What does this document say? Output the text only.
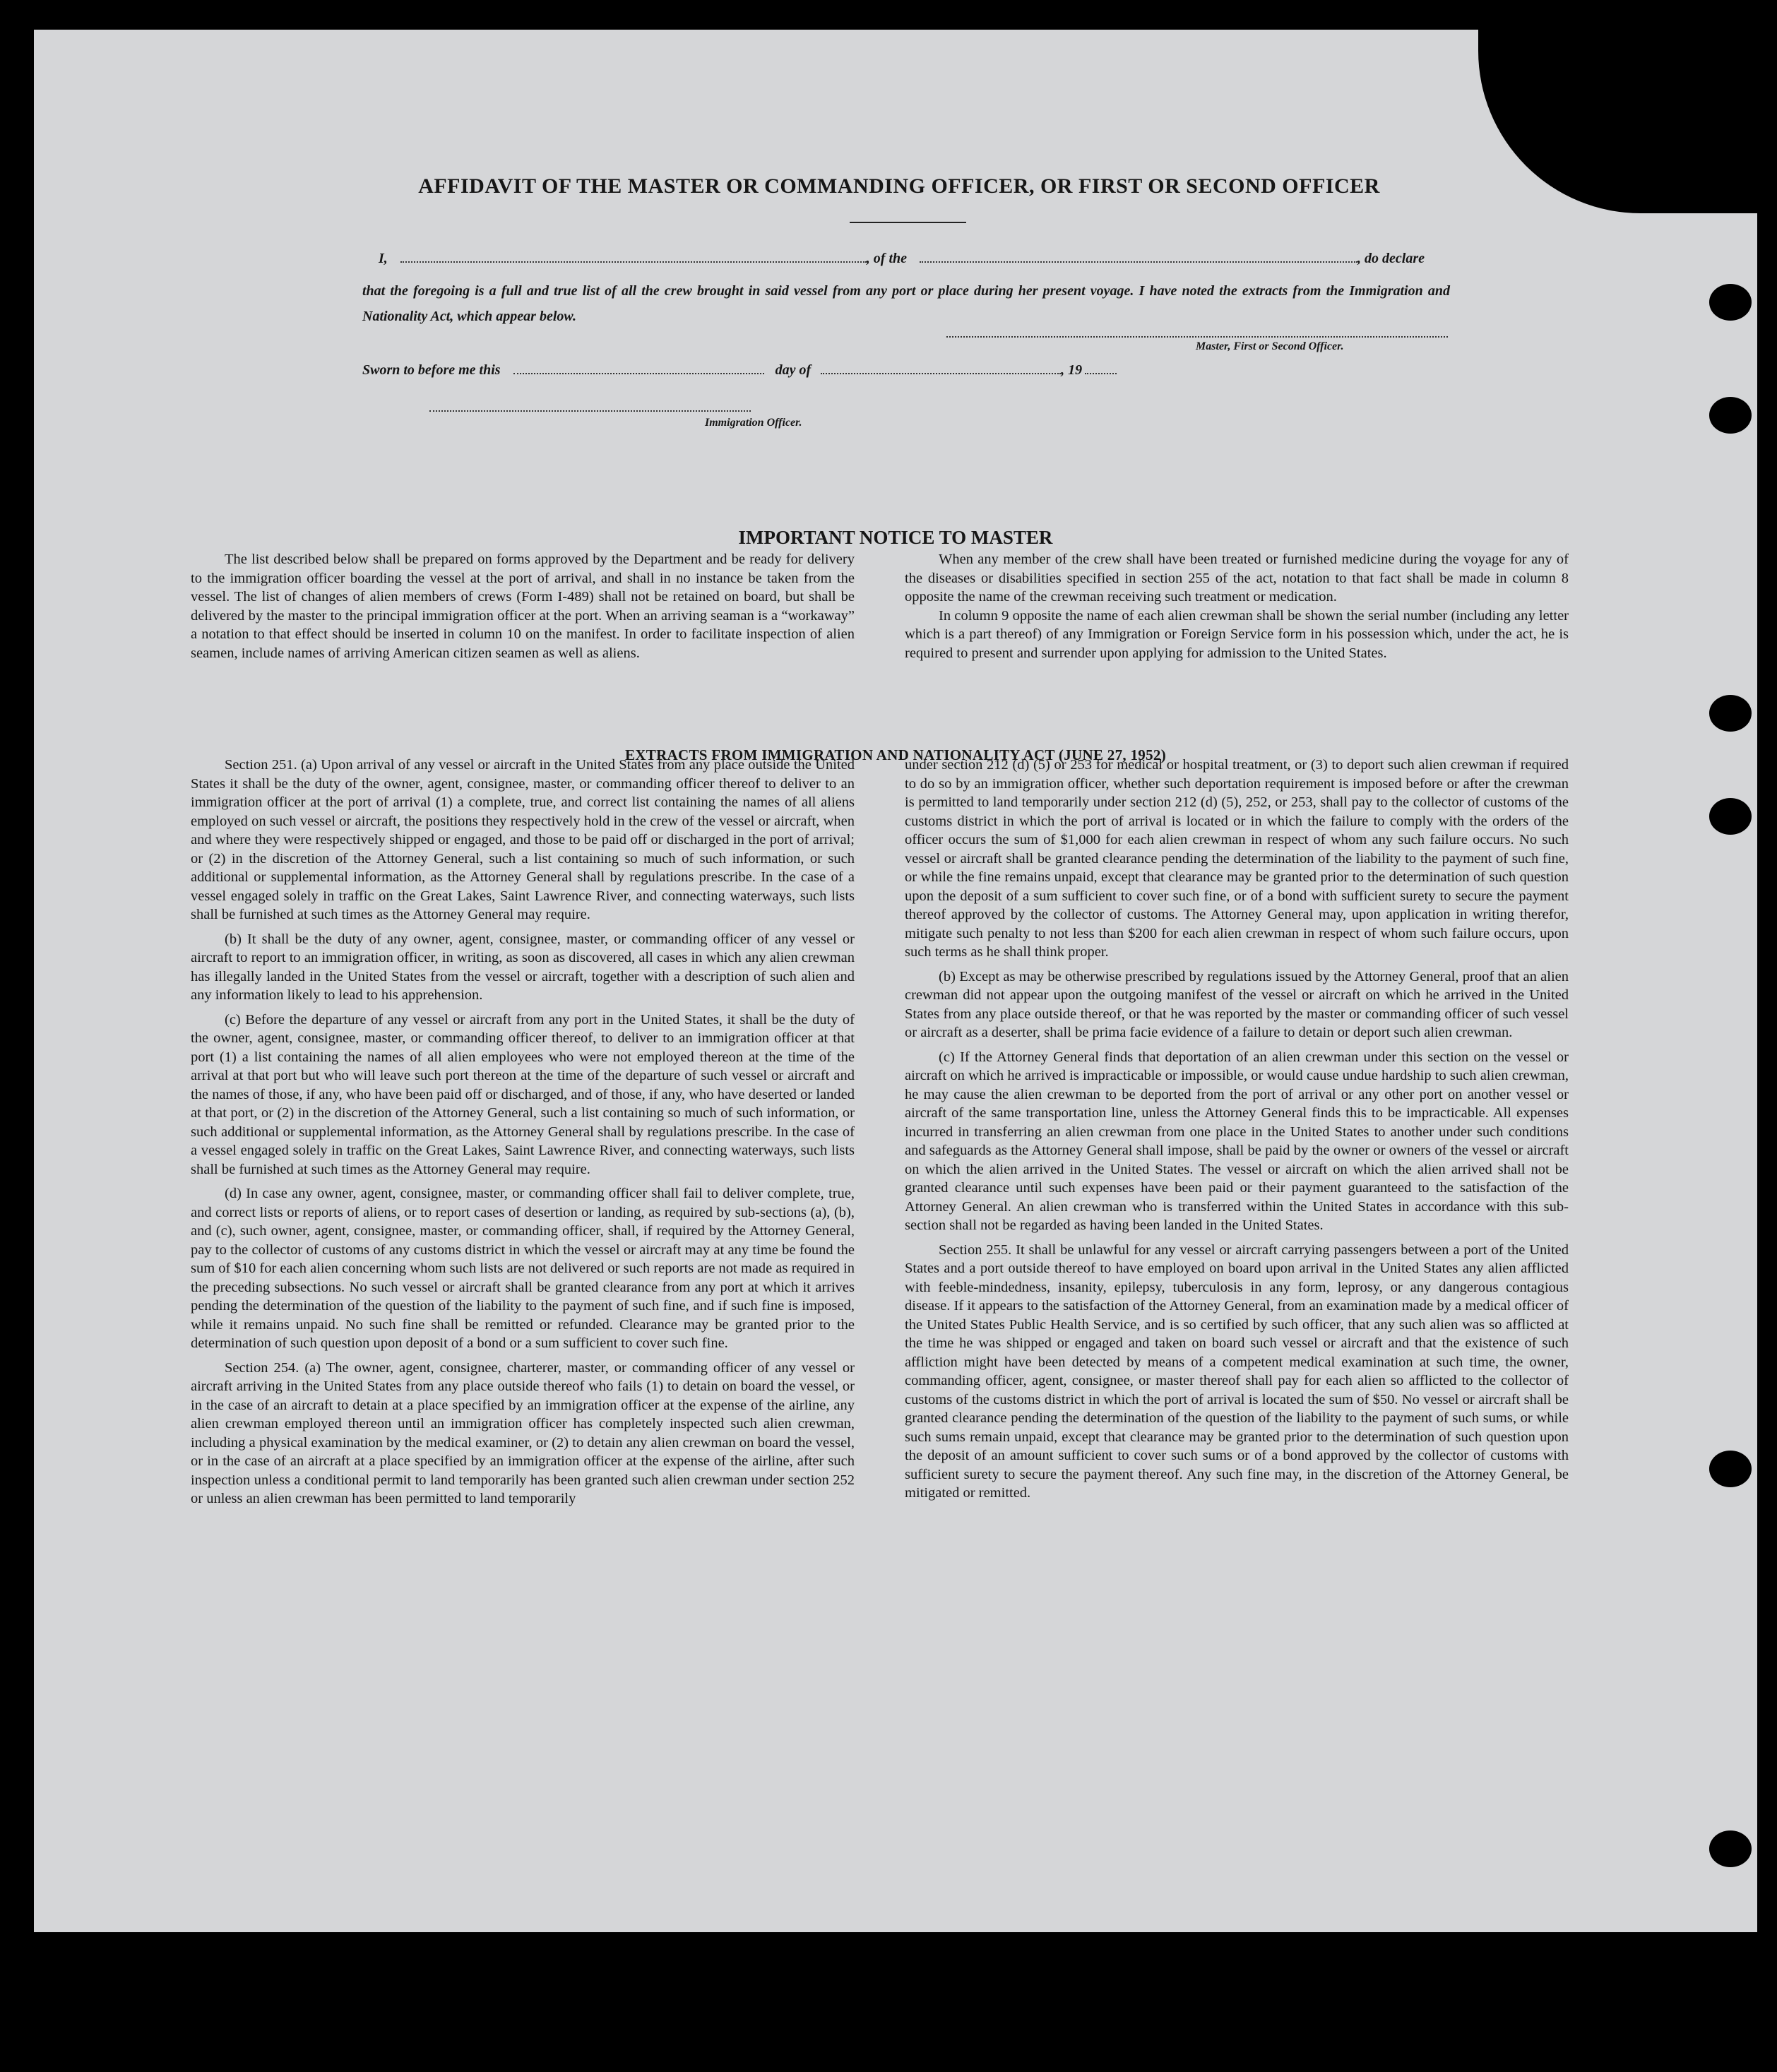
AFFIDAVIT OF THE MASTER OR COMMANDING OFFICER, OR FIRST OR SECOND OFFICER
I,	, of the	, do declare

that the foregoing is a full and true list of all the crew brought in said vessel from any port or place during her present voyage. I have noted the extracts from the Immigration and Nationality Act, which appear below.

Master, First or Second Officer.
Sworn to before me this	day of	, 19
Immigration Officer.
IMPORTANT NOTICE TO MASTER

The list described below shall be prepared on forms approved by the Department and be ready for delivery to the immigration officer boarding the vessel at the port of arrival, and shall in no instance be taken from the vessel. The list of changes of alien members of crews (Form I-489) shall not be retained on board, but shall be delivered by the master to the principal immigration officer at the port. When an arriving seaman is a “workaway” a notation to that effect should be inserted in column 10 on the manifest. In order to facilitate inspection of alien seamen, include names of arriving American citizen seamen as well as aliens.

When any member of the crew shall have been treated or furnished medicine during the voyage for any of the diseases or disabilities specified in section 255 of the act, notation to that fact shall be made in column 8 opposite the name of the crewman receiving such treatment or medication.

In column 9 opposite the name of each alien crewman shall be shown the serial number (including any letter which is a part thereof) of any Immigration or Foreign Service form in his possession which, under the act, he is required to present and surrender upon applying for admission to the United States.

EXTRACTS FROM IMMIGRATION AND NATIONALITY ACT (JUNE 27, 1952)

Section 251. (a) Upon arrival of any vessel or aircraft in the United States from any place outside the United States it shall be the duty of the owner, agent, consignee, master, or commanding officer thereof to deliver to an immigration officer at the port of arrival (1) a complete, true, and correct list containing the names of all aliens employed on such vessel or aircraft, the positions they respectively hold in the crew of the vessel or aircraft, when and where they were respectively shipped or engaged, and those to be paid off or discharged in the port of arrival; or (2) in the discretion of the Attorney General, such a list containing so much of such information, or such additional or supplemental information, as the Attorney General shall by regulations prescribe. In the case of a vessel engaged solely in traffic on the Great Lakes, Saint Lawrence River, and connecting waterways, such lists shall be furnished at such times as the Attorney General may require.

(b) It shall be the duty of any owner, agent, consignee, master, or commanding officer of any vessel or aircraft to report to an immigration officer, in writing, as soon as discovered, all cases in which any alien crewman has illegally landed in the United States from the vessel or aircraft, together with a description of such alien and any information likely to lead to his apprehension.

(c) Before the departure of any vessel or aircraft from any port in the United States, it shall be the duty of the owner, agent, consignee, master, or commanding officer thereof, to deliver to an immigration officer at that port (1) a list containing the names of all alien employees who were not employed thereon at the time of the arrival at that port but who will leave such port thereon at the time of the departure of such vessel or aircraft and the names of those, if any, who have been paid off or discharged, and of those, if any, who have deserted or landed at that port, or (2) in the discretion of the Attorney General, such a list containing so much of such information, or such additional or supplemental information, as the Attorney General shall by regulations prescribe. In the case of a vessel engaged solely in traffic on the Great Lakes, Saint Lawrence River, and connecting waterways, such lists shall be furnished at such times as the Attorney General may require.

(d) In case any owner, agent, consignee, master, or commanding officer shall fail to deliver complete, true, and correct lists or reports of aliens, or to report cases of desertion or landing, as required by sub-sections (a), (b), and (c), such owner, agent, consignee, master, or commanding officer, shall, if required by the Attorney General, pay to the collector of customs of any customs district in which the vessel or aircraft may at any time be found the sum of $10 for each alien concerning whom such lists are not delivered or such reports are not made as required in the preceding subsections. No such vessel or aircraft shall be granted clearance from any port at which it arrives pending the determination of the question of the liability to the payment of such fine, and if such fine is imposed, while it remains unpaid. No such fine shall be remitted or refunded. Clearance may be granted prior to the determination of such question upon deposit of a bond or a sum sufficient to cover such fine.

Section 254. (a) The owner, agent, consignee, charterer, master, or commanding officer of any vessel or aircraft arriving in the United States from any place outside thereof who fails (1) to detain on board the vessel, or in the case of an aircraft to detain at a place specified by an immigration officer at the expense of the airline, any alien crewman employed thereon until an immigration officer has completely inspected such alien crewman, including a physical examination by the medical examiner, or (2) to detain any alien crewman on board the vessel, or in the case of an aircraft at a place specified by an immigration officer at the expense of the airline, after such inspection unless a conditional permit to land temporarily has been granted such alien crewman under section 252 or unless an alien crewman has been permitted to land temporarily

under section 212 (d) (5) or 253 for medical or hospital treatment, or (3) to deport such alien crewman if required to do so by an immigration officer, whether such deportation requirement is imposed before or after the crewman is permitted to land temporarily under section 212 (d) (5), 252, or 253, shall pay to the collector of customs of the customs district in which the port of arrival is located or in which the failure to comply with the orders of the officer occurs the sum of $1,000 for each alien crewman in respect of whom any such failure occurs. No such vessel or aircraft shall be granted clearance pending the determination of the liability to the payment of such fine, or while the fine remains unpaid, except that clearance may be granted prior to the determination of such question upon the deposit of a sum sufficient to cover such fine, or of a bond with sufficient surety to secure the payment thereof approved by the collector of customs. The Attorney General may, upon application in writing therefor, mitigate such penalty to not less than $200 for each alien crewman in respect of whom such failure occurs, upon such terms as he shall think proper.

(b) Except as may be otherwise prescribed by regulations issued by the Attorney General, proof that an alien crewman did not appear upon the outgoing manifest of the vessel or aircraft on which he arrived in the United States from any place outside thereof, or that he was reported by the master or commanding officer of such vessel or aircraft as a deserter, shall be prima facie evidence of a failure to detain or deport such alien crewman.

(c) If the Attorney General finds that deportation of an alien crewman under this section on the vessel or aircraft on which he arrived is impracticable or impossible, or would cause undue hardship to such alien crewman, he may cause the alien crewman to be deported from the port of arrival or any other port on another vessel or aircraft of the same transportation line, unless the Attorney General finds this to be impracticable. All expenses incurred in transferring an alien crewman from one place in the United States to another under such conditions and safeguards as the Attorney General shall impose, shall be paid by the owner or owners of the vessel or aircraft on which the alien arrived in the United States. The vessel or aircraft on which the alien arrived shall not be granted clearance until such expenses have been paid or their payment guaranteed to the satisfaction of the Attorney General. An alien crewman who is transferred within the United States in accordance with this sub-section shall not be regarded as having been landed in the United States.

Section 255. It shall be unlawful for any vessel or aircraft carrying passengers between a port of the United States and a port outside thereof to have employed on board upon arrival in the United States any alien afflicted with feeble-mindedness, insanity, epilepsy, tuberculosis in any form, leprosy, or any dangerous contagious disease. If it appears to the satisfaction of the Attorney General, from an examination made by a medical officer of the United States Public Health Service, and is so certified by such officer, that any such alien was so afflicted at the time he was shipped or engaged and taken on board such vessel or aircraft and that the existence of such affliction might have been detected by means of a competent medical examination at such time, the owner, commanding officer, agent, consignee, or master thereof shall pay for each alien so afflicted to the collector of customs of the customs district in which the port of arrival is located the sum of $50. No vessel or aircraft shall be granted clearance pending the determination of the question of the liability to the payment of such sums, or while such sums remain unpaid, except that clearance may be granted prior to the determination of such question upon the deposit of an amount sufficient to cover such sums or of a bond approved by the collector of customs with sufficient surety to secure the payment thereof. Any such fine may, in the discretion of the Attorney General, be mitigated or remitted.
